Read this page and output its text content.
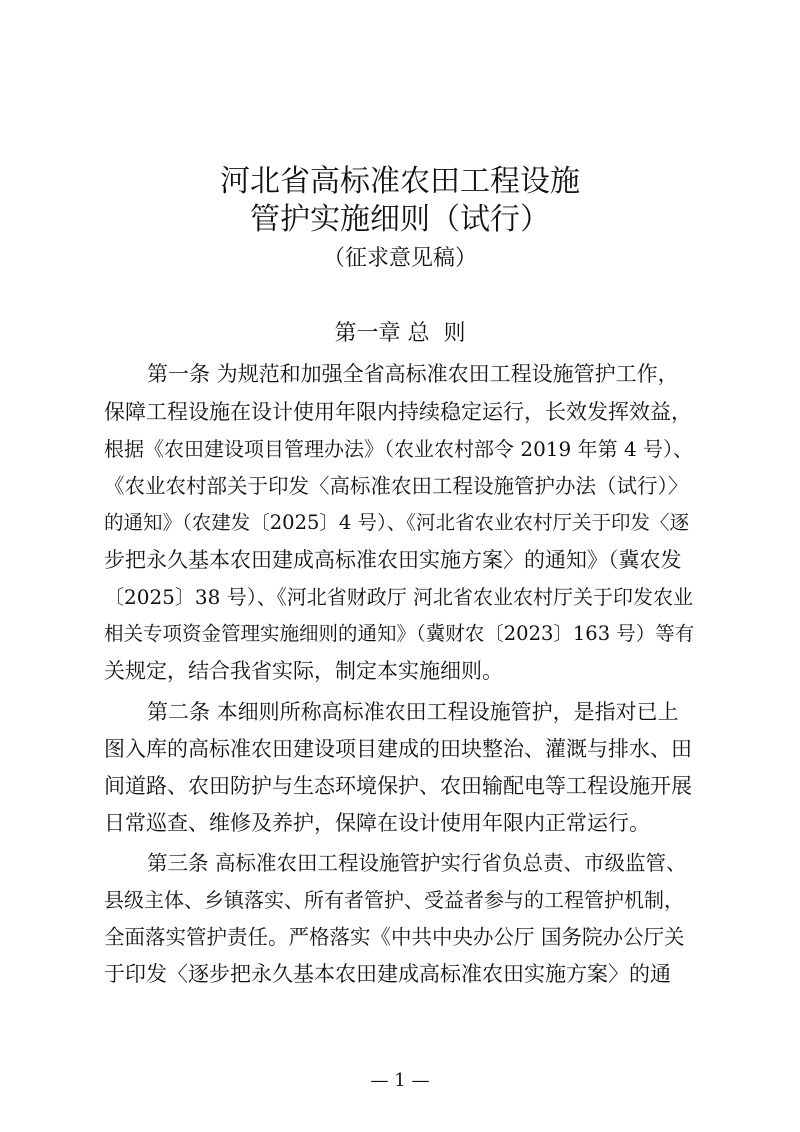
河北省高标准农田工程设施
管护实施细则（试行）
（征求意见稿）
第一章 总  则
第一条 为规范和加强全省高标准农田工程设施管护工作，
保障工程设施在设计使用年限内持续稳定运行，长效发挥效益，
根据《农田建设项目管理办法》（农业农村部令 2019 年第 4 号）、
《农业农村部关于印发〈高标准农田工程设施管护办法（试行）〉
的通知》（农建发〔2025〕4 号）、《河北省农业农村厅关于印发〈逐
步把永久基本农田建成高标准农田实施方案〉的通知》（冀农发
〔2025〕38 号）、《河北省财政厅 河北省农业农村厅关于印发农业
相关专项资金管理实施细则的通知》（冀财农〔2023〕163 号）等有
关规定，结合我省实际，制定本实施细则。
第二条 本细则所称高标准农田工程设施管护，是指对已上
图入库的高标准农田建设项目建成的田块整治、灌溉与排水、田
间道路、农田防护与生态环境保护、农田输配电等工程设施开展
日常巡查、维修及养护，保障在设计使用年限内正常运行。
第三条 高标准农田工程设施管护实行省负总责、市级监管、
县级主体、乡镇落实、所有者管护、受益者参与的工程管护机制，
全面落实管护责任。严格落实《中共中央办公厅 国务院办公厅关
于印发〈逐步把永久基本农田建成高标准农田实施方案〉的通
— 1 —
